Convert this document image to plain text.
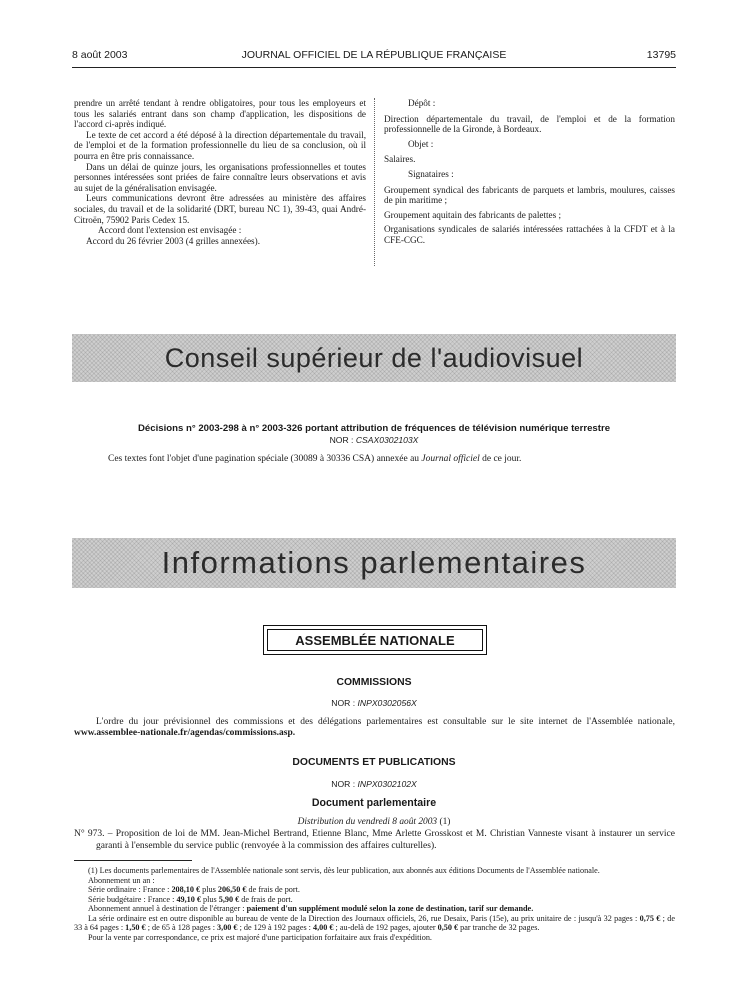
8 août 2003	JOURNAL OFFICIEL DE LA RÉPUBLIQUE FRANÇAISE	13795

prendre un arrêté tendant à rendre obligatoires, pour tous les employeurs et tous les salariés entrant dans son champ d'application, les dispositions de l'accord ci-après indiqué.

Le texte de cet accord a été déposé à la direction départementale du travail, de l'emploi et de la formation professionnelle du lieu de sa conclusion, où il pourra en être pris connaissance.

Dans un délai de quinze jours, les organisations professionnelles et toutes personnes intéressées sont priées de faire connaître leurs observations et avis au sujet de la généralisation envisagée.

Leurs communications devront être adressées au ministère des affaires sociales, du travail et de la solidarité (DRT, bureau NC 1), 39-43, quai André-Citroën, 75902 Paris Cedex 15.

Accord dont l'extension est envisagée :

Accord du 26 février 2003 (4 grilles annexées).

Dépôt :

Direction départementale du travail, de l'emploi et de la formation professionnelle de la Gironde, à Bordeaux.

Objet :

Salaires.

Signataires :

Groupement syndical des fabricants de parquets et lambris, moulures, caisses de pin maritime ;

Groupement aquitain des fabricants de palettes ;

Organisations syndicales de salariés intéressées rattachées à la CFDT et à la CFE-CGC.

Conseil supérieur de l'audiovisuel
Décisions n° 2003-298 à n° 2003-326 portant attribution de fréquences de télévision numérique terrestre
NOR : CSAX0302103X
Ces textes font l'objet d'une pagination spéciale (30089 à 30336 CSA) annexée au Journal officiel de ce jour.
Informations parlementaires
ASSEMBLÉE NATIONALE
COMMISSIONS
NOR : INPX0302056X
L'ordre du jour prévisionnel des commissions et des délégations parlementaires est consultable sur le site internet de l'Assemblée nationale, www.assemblee-nationale.fr/agendas/commissions.asp.
DOCUMENTS ET PUBLICATIONS
NOR : INPX0302102X
Document parlementaire
Distribution du vendredi 8 août 2003 (1)
N° 973. – Proposition de loi de MM. Jean-Michel Bertrand, Etienne Blanc, Mme Arlette Grosskost et M. Christian Vanneste visant à instaurer un service garanti à l'ensemble du service public (renvoyée à la commission des affaires culturelles).

(1) Les documents parlementaires de l'Assemblée nationale sont servis, dès leur publication, aux abonnés aux éditions Documents de l'Assemblée nationale.

Abonnement un an :

Série ordinaire : France : 208,10 € plus 206,50 € de frais de port.

Série budgétaire : France : 49,10 € plus 5,90 € de frais de port.

Abonnement annuel à destination de l'étranger : paiement d'un supplément modulé selon la zone de destination, tarif sur demande.

La série ordinaire est en outre disponible au bureau de vente de la Direction des Journaux officiels, 26, rue Desaix, Paris (15e), au prix unitaire de : jusqu'à 32 pages : 0,75 € ; de 33 à 64 pages : 1,50 € ; de 65 à 128 pages : 3,00 € ; de 129 à 192 pages : 4,00 € ; au-delà de 192 pages, ajouter 0,50 € par tranche de 32 pages.

Pour la vente par correspondance, ce prix est majoré d'une participation forfaitaire aux frais d'expédition.
